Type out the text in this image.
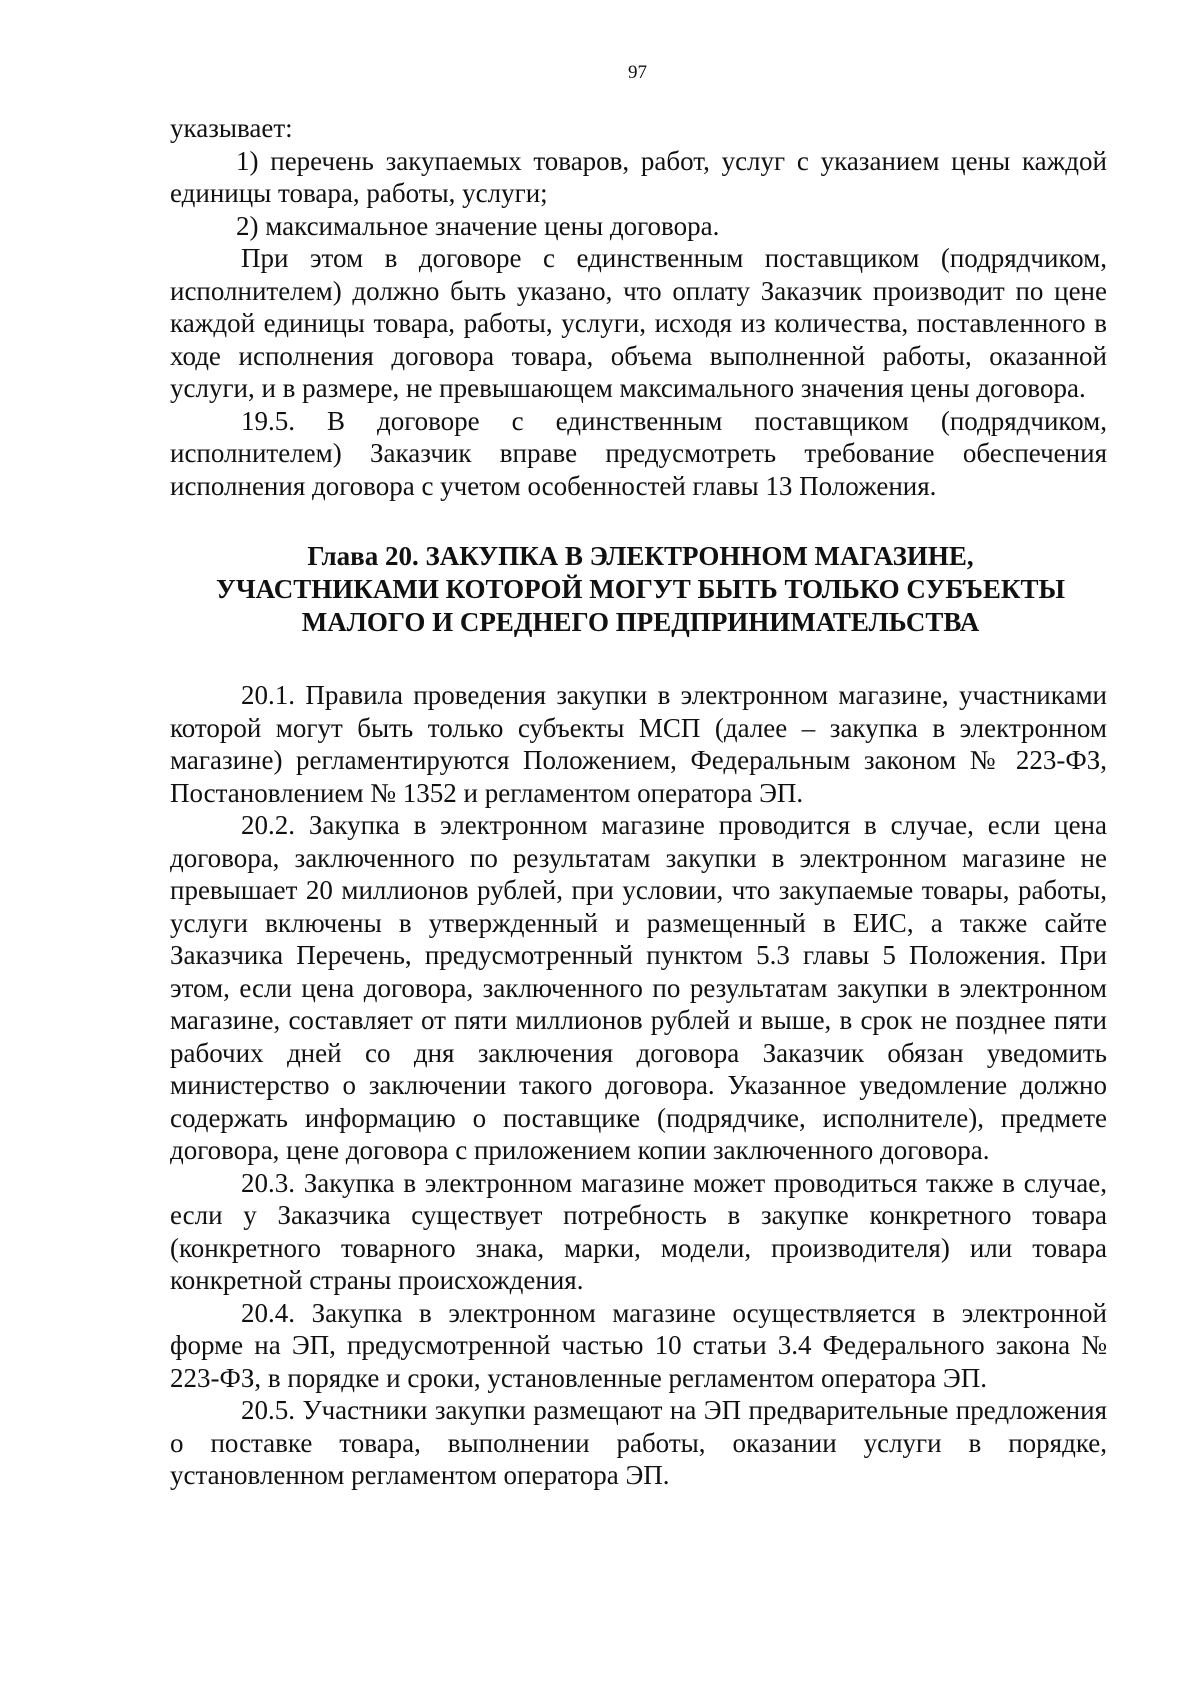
97

указывает:

1) перечень закупаемых товаров, работ, услуг с указанием цены каждой единицы товара, работы, услуги;

2) максимальное значение цены договора.

При этом в договоре с единственным поставщиком (подрядчиком, исполнителем) должно быть указано, что оплату Заказчик производит по цене каждой единицы товара, работы, услуги, исходя из количества, поставленного в ходе исполнения договора товара, объема выполненной работы, оказанной услуги, и в размере, не превышающем максимального значения цены договора.

19.5. В договоре с единственным поставщиком (подрядчиком, исполнителем) Заказчик вправе предусмотреть требование обеспечения исполнения договора с учетом особенностей главы 13 Положения.

Глава 20. ЗАКУПКА В ЭЛЕКТРОННОМ МАГАЗИНЕ,
УЧАСТНИКАМИ КОТОРОЙ МОГУТ БЫТЬ ТОЛЬКО СУБЪЕКТЫ
МАЛОГО И СРЕДНЕГО ПРЕДПРИНИМАТЕЛЬСТВА

20.1. Правила проведения закупки в электронном магазине, участниками которой могут быть только субъекты МСП (далее – закупка в электронном магазине) регламентируются Положением, Федеральным законом № 223-ФЗ, Постановлением № 1352 и регламентом оператора ЭП.

20.2. Закупка в электронном магазине проводится в случае, если цена договора, заключенного по результатам закупки в электронном магазине не превышает 20 миллионов рублей, при условии, что закупаемые товары, работы, услуги включены в утвержденный и размещенный в ЕИС, а также сайте Заказчика Перечень, предусмотренный пунктом 5.3 главы 5 Положения. При этом, если цена договора, заключенного по результатам закупки в электронном магазине, составляет от пяти миллионов рублей и выше, в срок не позднее пяти рабочих дней со дня заключения договора Заказчик обязан уведомить министерство о заключении такого договора. Указанное уведомление должно содержать информацию о поставщике (подрядчике, исполнителе), предмете договора, цене договора с приложением копии заключенного договора.

20.3. Закупка в электронном магазине может проводиться также в случае, если у Заказчика существует потребность в закупке конкретного товара (конкретного товарного знака, марки, модели, производителя) или товара конкретной страны происхождения.

20.4. Закупка в электронном магазине осуществляется в электронной форме на ЭП, предусмотренной частью 10 статьи 3.4 Федерального закона № 223-ФЗ, в порядке и сроки, установленные регламентом оператора ЭП.

20.5. Участники закупки размещают на ЭП предварительные предложения о поставке товара, выполнении работы, оказании услуги в порядке, установленном регламентом оператора ЭП.
